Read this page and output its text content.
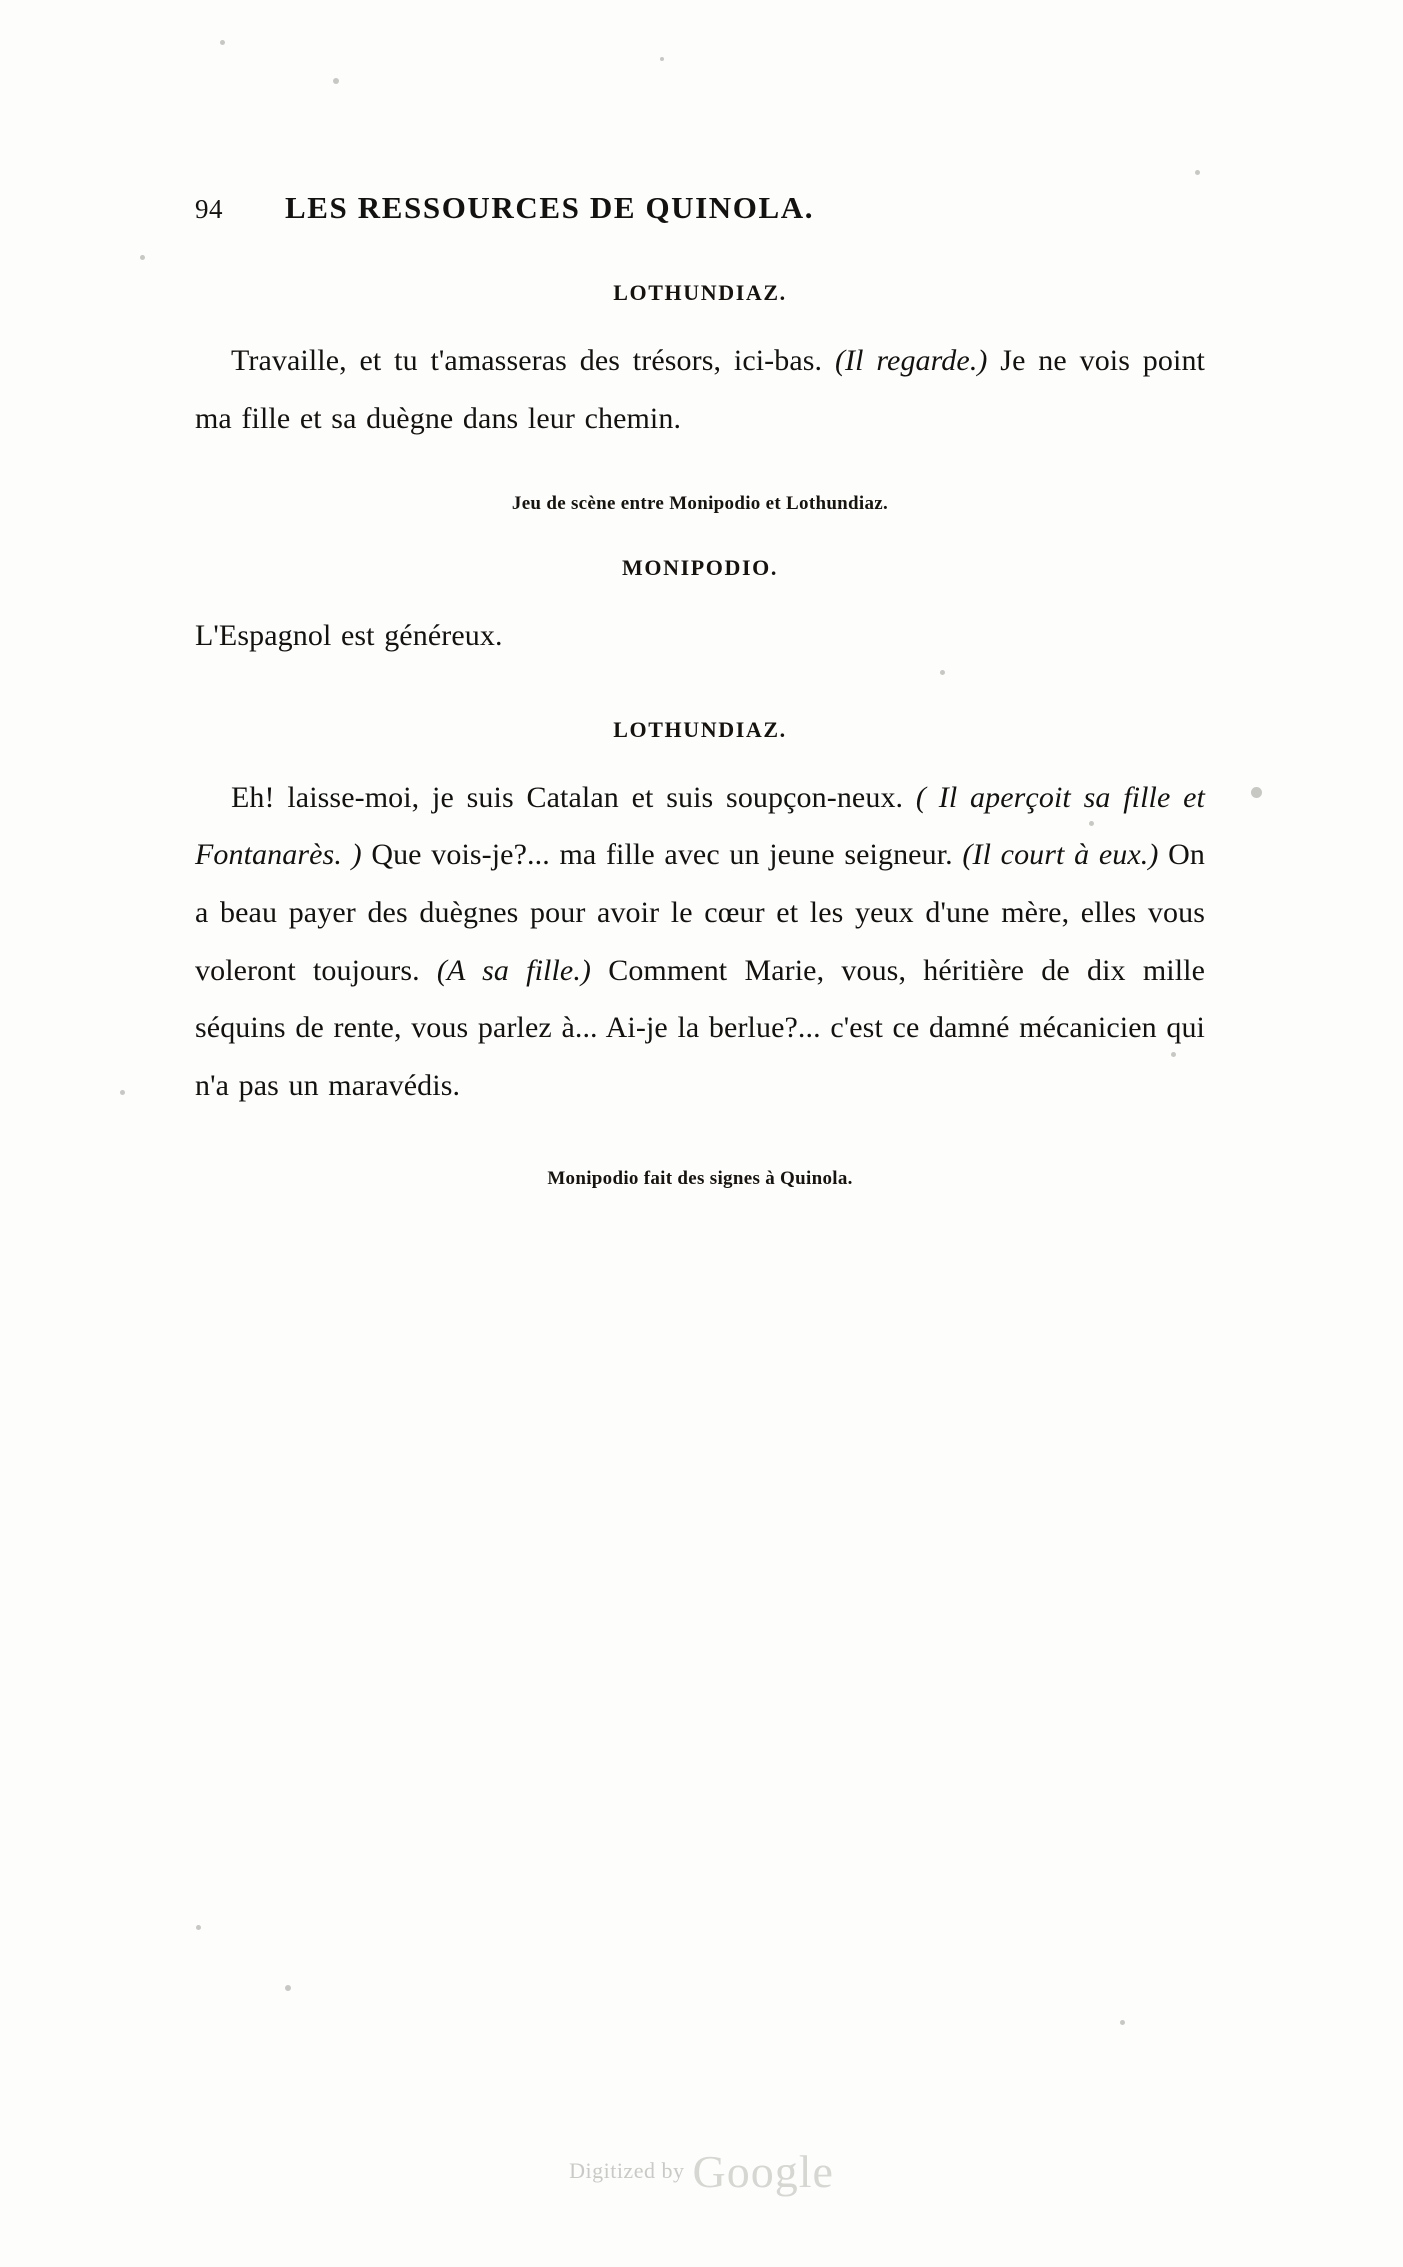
94	LES RESSOURCES DE QUINOLA.
LOTHUNDIAZ.

Travaille, et tu t'amasseras des trésors, ici-bas. (Il regarde.) Je ne vois point ma fille et sa duègne dans leur chemin.

Jeu de scène entre Monipodio et Lothundiaz.
MONIPODIO.

L'Espagnol est généreux.

LOTHUNDIAZ.

Eh! laisse-moi, je suis Catalan et suis soupçon-neux. ( Il aperçoit sa fille et Fontanarès. ) Que vois-je?... ma fille avec un jeune seigneur. (Il court à eux.) On a beau payer des duègnes pour avoir le cœur et les yeux d'une mère, elles vous voleront toujours. (A sa fille.) Comment Marie, vous, héritière de dix mille séquins de rente, vous parlez à... Ai-je la berlue?... c'est ce damné mécanicien qui n'a pas un maravédis.

Monipodio fait des signes à Quinola.
Digitized by Google
